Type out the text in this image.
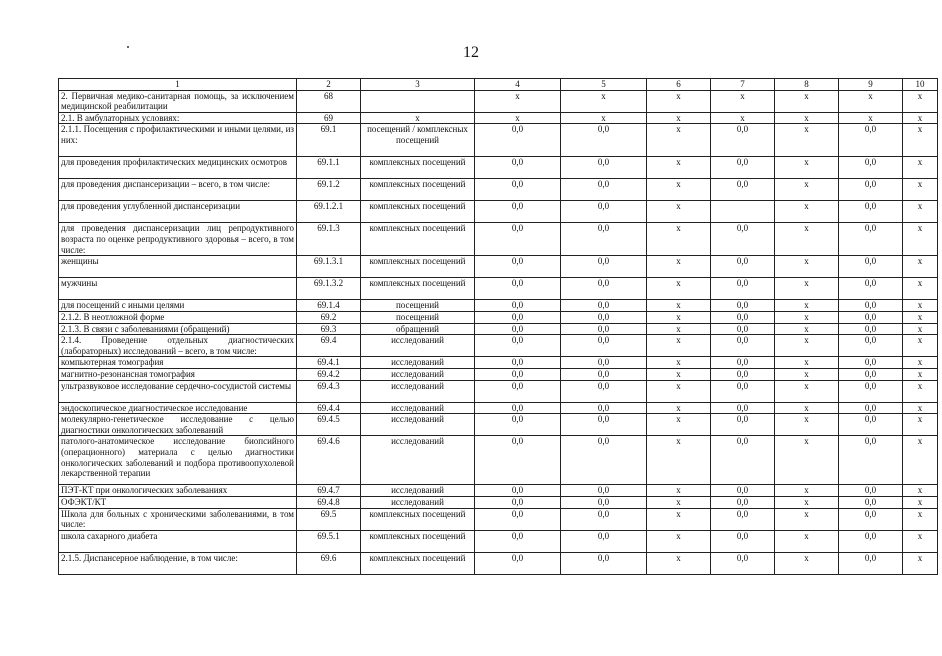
12
1	2	3	4	5	6	7	8	9	10
2. Первичная медико-санитарная помощь, за исключением медицинской реабилитации	68		х	х	х	х	х	х	х
2.1. В амбулаторных условиях:	69	х	х	х	х	х	х	х	х
2.1.1. Посещения с профилактическими и иными целями, из них:	69.1	посещений / комплексных посещений	0,0	0,0	х	0,0	х	0,0	х
для проведения профилактических медицинских осмотров	69.1.1	комплексных посещений	0,0	0,0	х	0,0	х	0,0	х
для проведения диспансеризации – всего, в том числе:	69.1.2	комплексных посещений	0,0	0,0	х	0,0	х	0,0	х
для проведения углубленной диспансеризации	69.1.2.1	комплексных посещений	0,0	0,0	х		х	0,0	х
для проведения диспансеризации лиц репродуктивного возраста по оценке репродуктивного здоровья – всего, в том числе:	69.1.3	комплексных посещений	0,0	0,0	х	0,0	х	0,0	х
женщины	69.1.3.1	комплексных посещений	0,0	0,0	х	0,0	х	0,0	х
мужчины	69.1.3.2	комплексных посещений	0,0	0,0	х	0,0	х	0,0	х
для посещений с иными целями	69.1.4	посещений	0,0	0,0	х	0,0	х	0,0	х
2.1.2. В неотложной форме	69.2	посещений	0,0	0,0	х	0,0	х	0,0	х
2.1.3. В связи с заболеваниями (обращений)	69.3	обращений	0,0	0,0	х	0,0	х	0,0	х
2.1.4. Проведение отдельных диагностических (лабораторных) исследований – всего, в том числе:	69.4	исследований	0,0	0,0	х	0,0	х	0,0	х
компьютерная томография	69.4.1	исследований	0,0	0,0	х	0,0	х	0,0	х
магнитно-резонансная томография	69.4.2	исследований	0,0	0,0	х	0,0	х	0,0	х
ультразвуковое исследование сердечно-сосудистой системы	69.4.3	исследований	0,0	0,0	х	0,0	х	0,0	х
эндоскопическое диагностическое исследование	69.4.4	исследований	0,0	0,0	х	0,0	х	0,0	х
молекулярно-генетическое исследование с целью диагностики онкологических заболеваний	69.4.5	исследований	0,0	0,0	х	0,0	х	0,0	х
патолого-анатомическое исследование биопсийного (операционного) материала с целью диагностики онкологических заболеваний и подбора противоопухолевой лекарственной терапии	69.4.6	исследований	0,0	0,0	х	0,0	х	0,0	х
ПЭТ-КТ при онкологических заболеваниях	69.4.7	исследований	0,0	0,0	х	0,0	х	0,0	х
ОФЭКТ/КТ	69.4.8	исследований	0,0	0,0	х	0,0	х	0,0	х
Школа для больных с хроническими заболеваниями, в том числе:	69.5	комплексных посещений	0,0	0,0	х	0,0	х	0,0	х
школа сахарного диабета	69.5.1	комплексных посещений	0,0	0,0	х	0,0	х	0,0	х
2.1.5. Диспансерное наблюдение, в том числе:	69.6	комплексных посещений	0,0	0,0	х	0,0	х	0,0	х
